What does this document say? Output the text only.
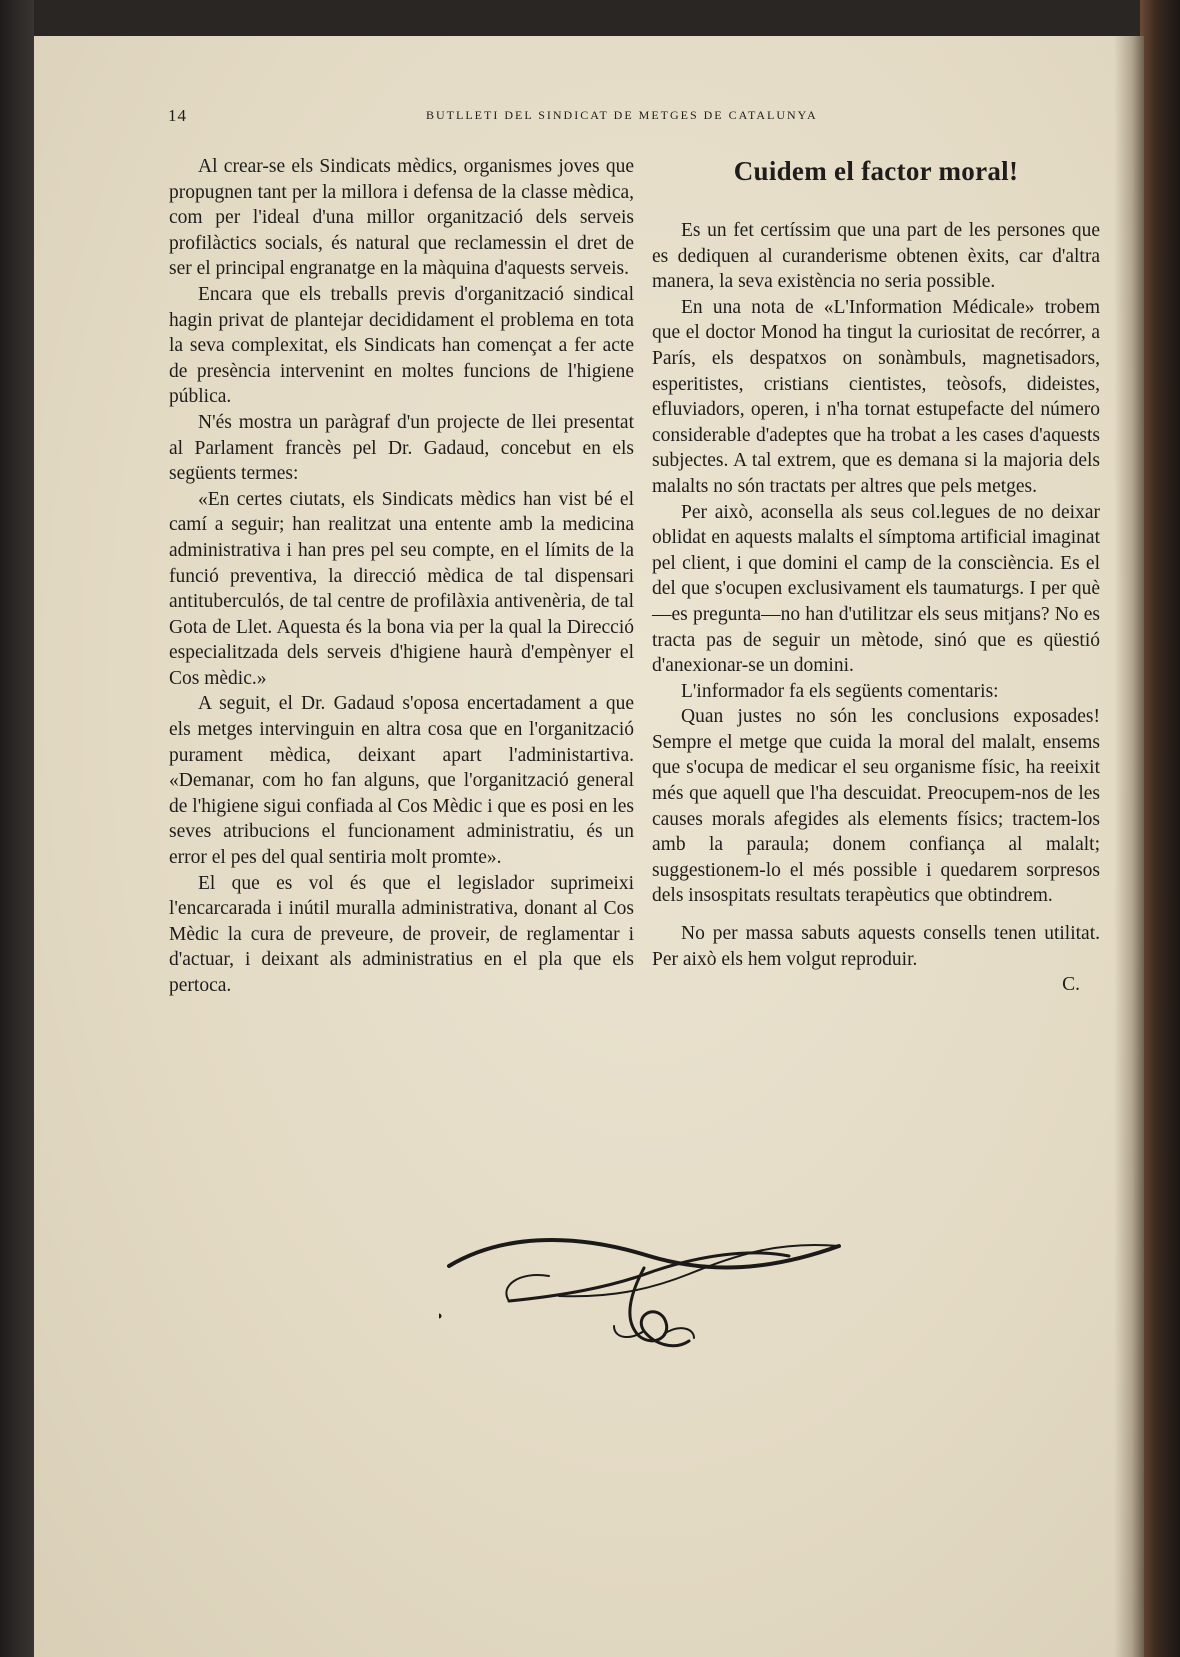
14	BUTLLETI DEL SINDICAT DE METGES DE CATALUNYA

Al crear-se els Sindicats mèdics, organismes joves que propugnen tant per la millora i defensa de la classe mèdica, com per l'ideal d'una millor organització dels serveis profilàctics socials, és natural que reclamessin el dret de ser el principal engranatge en la màquina d'aquests serveis.

Encara que els treballs previs d'organització sindical hagin privat de plantejar decididament el problema en tota la seva complexitat, els Sindicats han començat a fer acte de presència intervenint en moltes funcions de l'higiene pública.

N'és mostra un paràgraf d'un projecte de llei presentat al Parlament francès pel Dr. Gadaud, concebut en els següents termes:

«En certes ciutats, els Sindicats mèdics han vist bé el camí a seguir; han realitzat una entente amb la medicina administrativa i han pres pel seu compte, en el límits de la funció preventiva, la direcció mèdica de tal dispensari antituberculós, de tal centre de profilàxia antivenèria, de tal Gota de Llet. Aquesta és la bona via per la qual la Direcció especialitzada dels serveis d'higiene haurà d'empènyer el Cos mèdic.»

A seguit, el Dr. Gadaud s'oposa encertadament a que els metges intervinguin en altra cosa que en l'organització purament mèdica, deixant apart l'administartiva. «Demanar, com ho fan alguns, que l'organització general de l'higiene sigui confiada al Cos Mèdic i que es posi en les seves atribucions el funcionament administratiu, és un error el pes del qual sentiria molt promte».

El que es vol és que el legislador suprimeixi l'encarcarada i inútil muralla administrativa, donant al Cos Mèdic la cura de preveure, de proveir, de reglamentar i d'actuar, i deixant als administratius en el pla que els pertoca.

Cuidem el factor moral!

Es un fet certíssim que una part de les persones que es dediquen al curanderisme obtenen èxits, car d'altra manera, la seva existència no seria possible.

En una nota de «L'Information Médicale» trobem que el doctor Monod ha tingut la curiositat de recórrer, a París, els despatxos on sonàmbuls, magnetisadors, esperitistes, cristians cientistes, teòsofs, dideistes, efluviadors, operen, i n'ha tornat estupefacte del número considerable d'adeptes que ha trobat a les cases d'aquests subjectes. A tal extrem, que es demana si la majoria dels malalts no són tractats per altres que pels metges.

Per això, aconsella als seus col.legues de no deixar oblidat en aquests malalts el símptoma artificial imaginat pel client, i que domini el camp de la consciència. Es el del que s'ocupen exclusivament els taumaturgs. I per què—es pregunta—no han d'utilitzar els seus mitjans? No es tracta pas de seguir un mètode, sinó que es qüestió d'anexionar-se un domini.

L'informador fa els següents comentaris:

Quan justes no són les conclusions exposades! Sempre el metge que cuida la moral del malalt, ensems que s'ocupa de medicar el seu organisme físic, ha reeixit més que aquell que l'ha descuidat. Preocupem-nos de les causes morals afegides als elements físics; tractem-los amb la paraula; donem confiança al malalt; suggestionem-lo el més possible i quedarem sorpresos dels insospitats resultats terapèutics que obtindrem.

No per massa sabuts aquests consells tenen utilitat. Per això els hem volgut reproduir.

C.
